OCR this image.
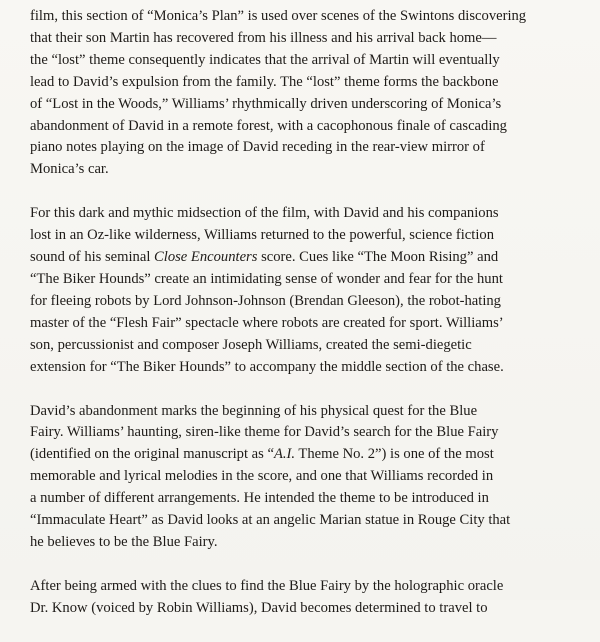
film, this section of “Monica’s Plan” is used over scenes of the Swintons discovering
that their son Martin has recovered from his illness and his arrival back home—
the “lost” theme consequently indicates that the arrival of Martin will eventually
lead to David’s expulsion from the family. The “lost” theme forms the backbone
of “Lost in the Woods,” Williams’ rhythmically driven underscoring of Monica’s
abandonment of David in a remote forest, with a cacophonous finale of cascading
piano notes playing on the image of David receding in the rear-view mirror of
Monica’s car.

For this dark and mythic midsection of the film, with David and his companions
lost in an Oz-like wilderness, Williams returned to the powerful, science fiction
sound of his seminal Close Encounters score. Cues like “The Moon Rising” and
“The Biker Hounds” create an intimidating sense of wonder and fear for the hunt
for fleeing robots by Lord Johnson-Johnson (Brendan Gleeson), the robot-hating
master of the “Flesh Fair” spectacle where robots are created for sport. Williams’
son, percussionist and composer Joseph Williams, created the semi-diegetic
extension for “The Biker Hounds” to accompany the middle section of the chase.

David’s abandonment marks the beginning of his physical quest for the Blue
Fairy. Williams’ haunting, siren-like theme for David’s search for the Blue Fairy
(identified on the original manuscript as “A.I. Theme No. 2”) is one of the most
memorable and lyrical melodies in the score, and one that Williams recorded in
a number of different arrangements. He intended the theme to be introduced in
“Immaculate Heart” as David looks at an angelic Marian statue in Rouge City that
he believes to be the Blue Fairy.

After being armed with the clues to find the Blue Fairy by the holographic oracle
Dr. Know (voiced by Robin Williams), David becomes determined to travel to
